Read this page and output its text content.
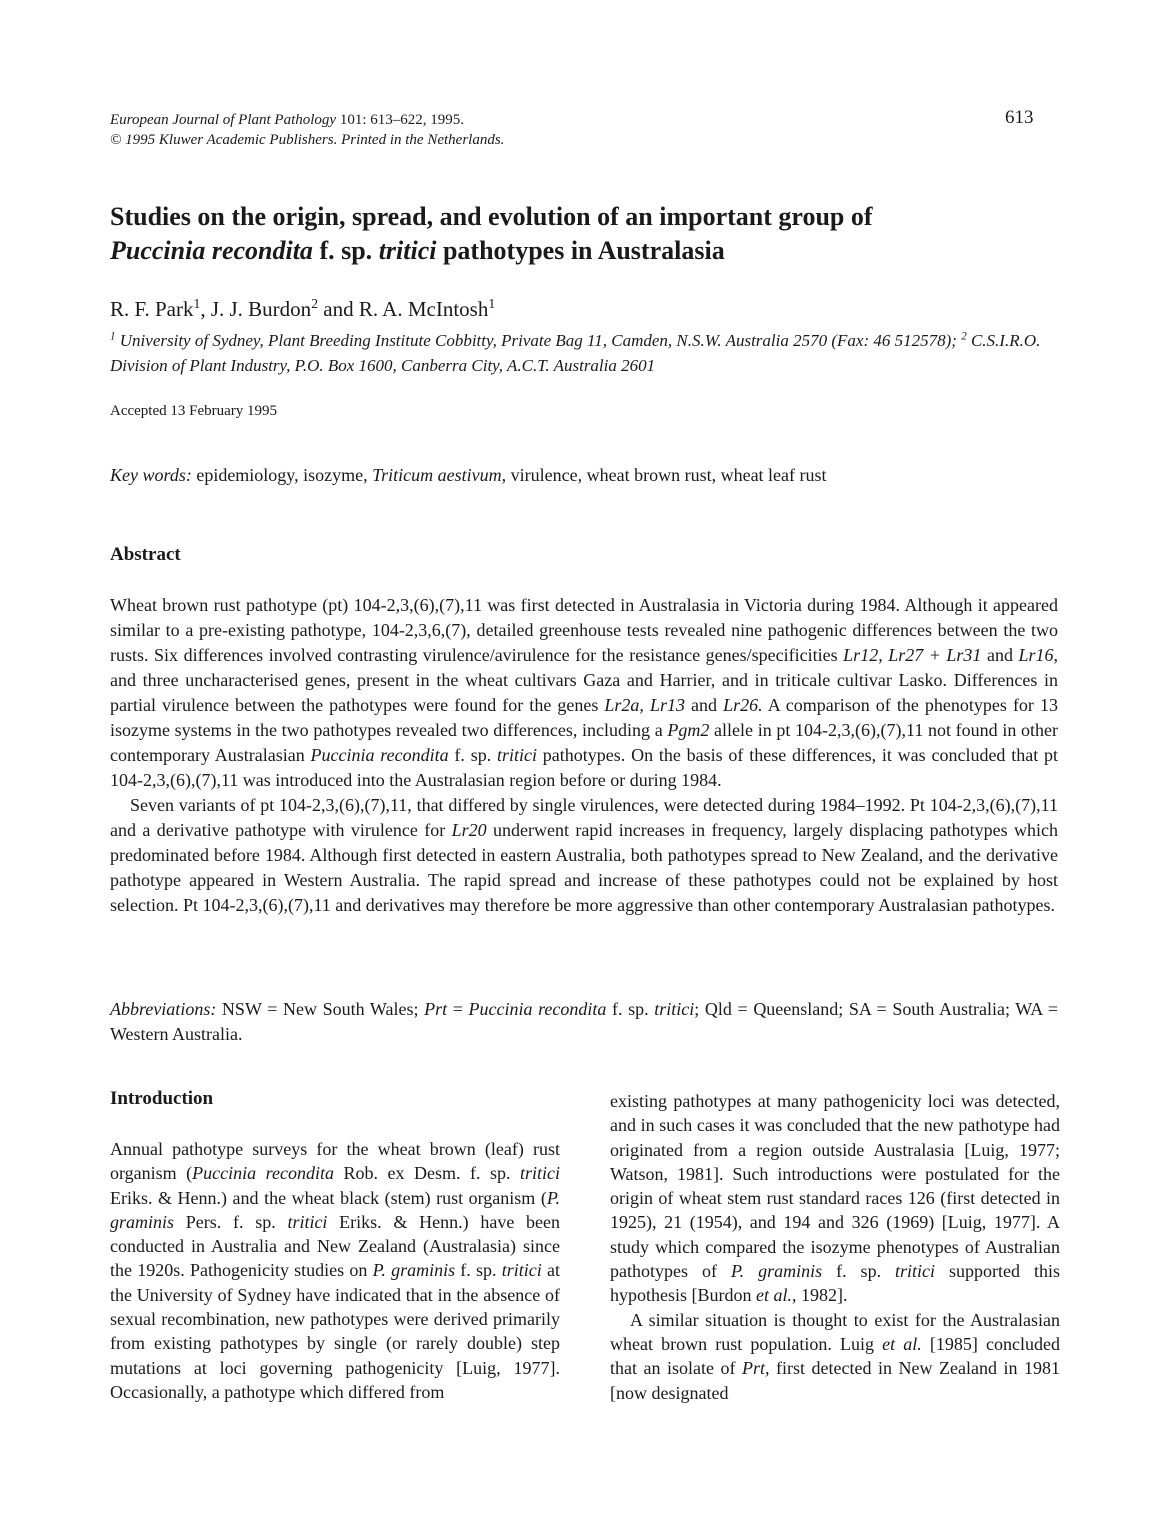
European Journal of Plant Pathology 101: 613–622, 1995.
© 1995 Kluwer Academic Publishers. Printed in the Netherlands.
613
Studies on the origin, spread, and evolution of an important group of
Puccinia recondita f. sp. tritici pathotypes in Australasia
R. F. Park$^1$, J. J. Burdon$^2$ and R. A. McIntosh$^1$
$^1$ University of Sydney, Plant Breeding Institute Cobbitty, Private Bag 11, Camden, N.S.W. Australia 2570 (Fax: 46 512578); $^2$ C.S.I.R.O. Division of Plant Industry, P.O. Box 1600, Canberra City, A.C.T. Australia 2601
Accepted 13 February 1995
Key words: epidemiology, isozyme, Triticum aestivum, virulence, wheat brown rust, wheat leaf rust
Abstract

Wheat brown rust pathotype (pt) 104-2,3,(6),(7),11 was first detected in Australasia in Victoria during 1984. Although it appeared similar to a pre-existing pathotype, 104-2,3,6,(7), detailed greenhouse tests revealed nine pathogenic differences between the two rusts. Six differences involved contrasting virulence/avirulence for the resistance genes/specificities Lr12, Lr27 + Lr31 and Lr16, and three uncharacterised genes, present in the wheat cultivars Gaza and Harrier, and in triticale cultivar Lasko. Differences in partial virulence between the pathotypes were found for the genes Lr2a, Lr13 and Lr26. A comparison of the phenotypes for 13 isozyme systems in the two pathotypes revealed two differences, including a Pgm2 allele in pt 104-2,3,(6),(7),11 not found in other contemporary Australasian Puccinia recondita f. sp. tritici pathotypes. On the basis of these differences, it was concluded that pt 104-2,3,(6),(7),11 was introduced into the Australasian region before or during 1984.

Seven variants of pt 104-2,3,(6),(7),11, that differed by single virulences, were detected during 1984–1992. Pt 104-2,3,(6),(7),11 and a derivative pathotype with virulence for Lr20 underwent rapid increases in frequency, largely displacing pathotypes which predominated before 1984. Although first detected in eastern Australia, both pathotypes spread to New Zealand, and the derivative pathotype appeared in Western Australia. The rapid spread and increase of these pathotypes could not be explained by host selection. Pt 104-2,3,(6),(7),11 and derivatives may therefore be more aggressive than other contemporary Australasian pathotypes.

Abbreviations: NSW = New South Wales; Prt = Puccinia recondita f. sp. tritici; Qld = Queensland; SA = South Australia; WA = Western Australia.
Introduction

Annual pathotype surveys for the wheat brown (leaf) rust organism (Puccinia recondita Rob. ex Desm. f. sp. tritici Eriks. & Henn.) and the wheat black (stem) rust organism (P. graminis Pers. f. sp. tritici Eriks. & Henn.) have been conducted in Australia and New Zealand (Australasia) since the 1920s. Pathogenicity studies on P. graminis f. sp. tritici at the University of Sydney have indicated that in the absence of sexual recombination, new pathotypes were derived primarily from existing pathotypes by single (or rarely double) step mutations at loci governing pathogenicity [Luig, 1977]. Occasionally, a pathotype which differed from

existing pathotypes at many pathogenicity loci was detected, and in such cases it was concluded that the new pathotype had originated from a region outside Australasia [Luig, 1977; Watson, 1981]. Such introductions were postulated for the origin of wheat stem rust standard races 126 (first detected in 1925), 21 (1954), and 194 and 326 (1969) [Luig, 1977]. A study which compared the isozyme phenotypes of Australian pathotypes of P. graminis f. sp. tritici supported this hypothesis [Burdon et al., 1982].

A similar situation is thought to exist for the Australasian wheat brown rust population. Luig et al. [1985] concluded that an isolate of Prt, first detected in New Zealand in 1981 [now designated
